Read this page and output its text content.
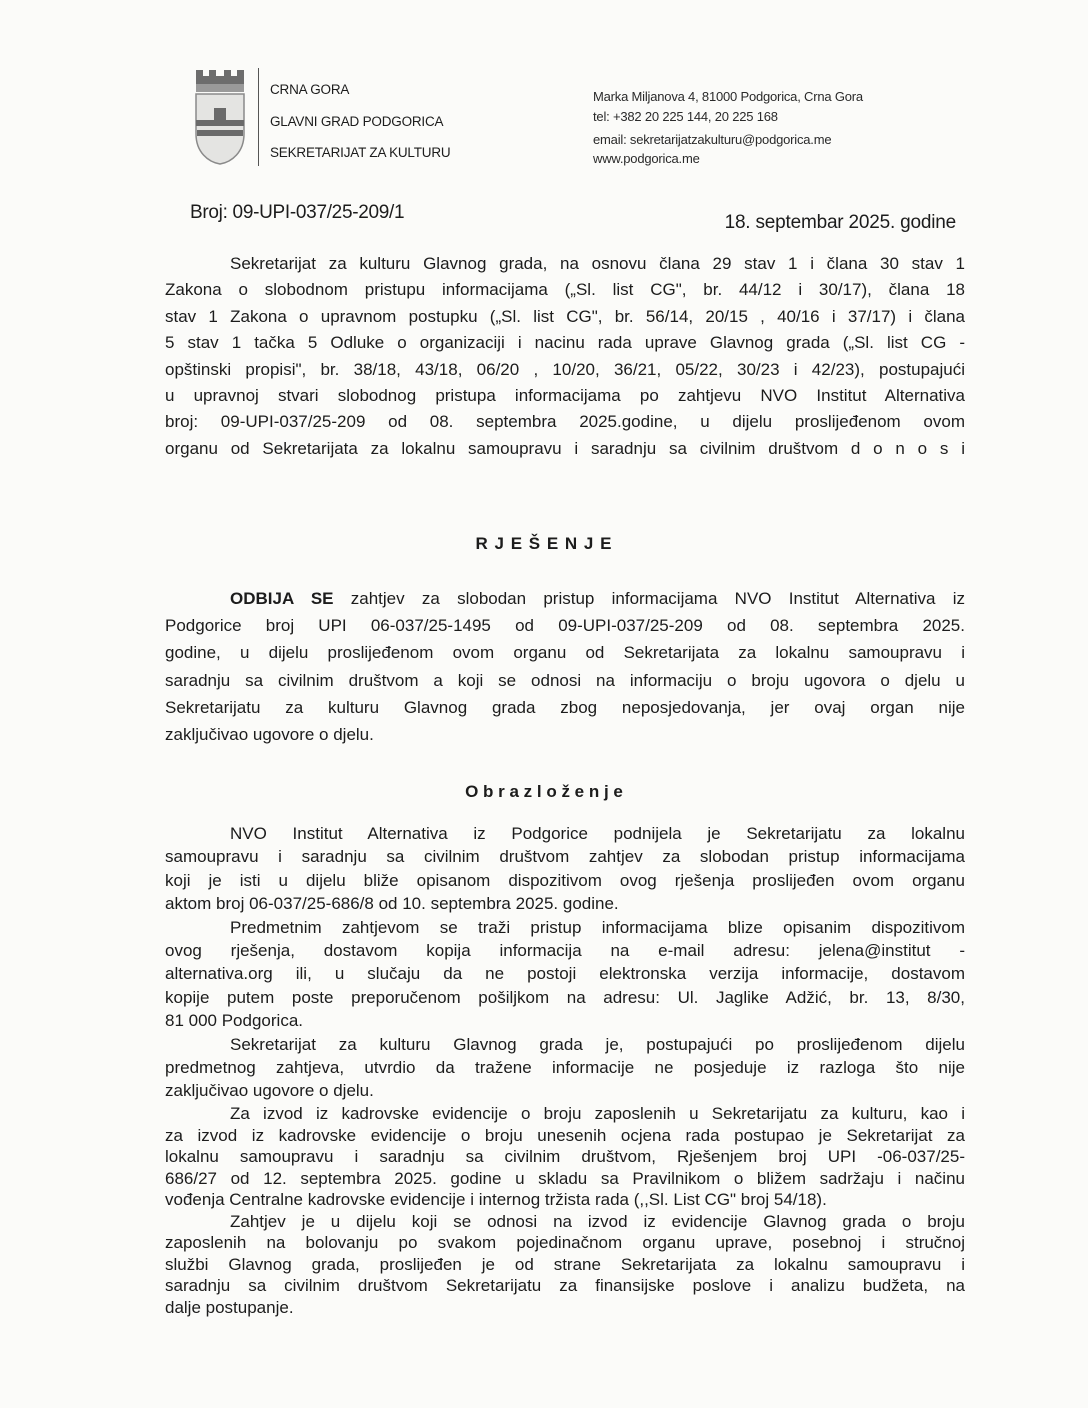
CRNA GORA
GLAVNI GRAD PODGORICA
SEKRETARIJAT ZA KULTURU
Marka Miljanova 4, 81000 Podgorica, Crna Gora
tel: +382 20 225 144, 20 225 168
email: sekretarijatzakulturu@podgorica.me
www.podgorica.me
Broj: 09-UPI-037/25-209/1	18. septembar 2025. godine
Sekretarijat za kulturu Glavnog grada, na osnovu člana 29 stav 1 i člana 30 stav 1
Zakona o slobodnom pristupu informacijama („Sl. list CG", br. 44/12 i 30/17), člana 18
stav 1 Zakona o upravnom postupku („Sl. list CG", br. 56/14, 20/15 , 40/16 i 37/17) i člana
5 stav 1 tačka 5 Odluke o organizaciji i nacinu rada uprave Glavnog grada („Sl. list CG -
opštinski propisi", br. 38/18, 43/18, 06/20 , 10/20, 36/21, 05/22, 30/23 i 42/23), postupajući
u upravnoj stvari slobodnog pristupa informacijama po zahtjevu NVO Institut Alternativa
broj: 09-UPI-037/25-209 od 08. septembra 2025.godine, u dijelu proslijeđenom ovom
organu od Sekretarijata za lokalnu samoupravu i saradnju sa civilnim društvom d o n o s i
R J E Š E N J E
ODBIJA SE zahtjev za slobodan pristup informacijama NVO Institut Alternativa iz
Podgorice broj UPI 06-037/25-1495 od 09-UPI-037/25-209 od 08. septembra 2025.
godine, u dijelu proslijeđenom ovom organu od Sekretarijata za lokalnu samoupravu i
saradnju sa civilnim društvom a koji se odnosi na informaciju o broju ugovora o djelu u
Sekretarijatu za kulturu Glavnog grada zbog neposjedovanja, jer ovaj organ nije
zaključivao ugovore o djelu.
O b r a z l o ž e n j e
NVO Institut Alternativa iz Podgorice podnijela je Sekretarijatu za lokalnu
samoupravu i saradnju sa civilnim društvom zahtjev za slobodan pristup informacijama
koji je isti u dijelu bliže opisanom dispozitivom ovog rješenja proslijeđen ovom organu
aktom broj 06-037/25-686/8 od 10. septembra 2025. godine.
Predmetnim zahtjevom se traži pristup informacijama blize opisanim dispozitivom
ovog rješenja, dostavom kopija informacija na e-mail adresu: jelena@institut -
alternativa.org ili, u slučaju da ne postoji elektronska verzija informacije, dostavom
kopije putem poste preporučenom pošiljkom na adresu: Ul. Jaglike Adžić, br. 13, 8/30,
81 000 Podgorica.
Sekretarijat za kulturu Glavnog grada je, postupajući po proslijeđenom dijelu
predmetnog zahtjeva, utvrdio da tražene informacije ne posjeduje iz razloga što nije
zaključivao ugovore o djelu.
Za izvod iz kadrovske evidencije o broju zaposlenih u Sekretarijatu za kulturu, kao i
za izvod iz kadrovske evidencije o broju unesenih ocjena rada postupao je Sekretarijat za
lokalnu samoupravu i saradnju sa civilnim društvom, Rješenjem broj UPI -06-037/25-
686/27 od 12. septembra 2025. godine u skladu sa Pravilnikom o bližem sadržaju i načinu
vođenja Centralne kadrovske evidencije i internog tržista rada (,,Sl. List CG" broj 54/18).
Zahtjev je u dijelu koji se odnosi na izvod iz evidencije Glavnog grada o broju
zaposlenih na bolovanju po svakom pojedinačnom organu uprave, posebnoj i stručnoj
službi Glavnog grada, proslijeđen je od strane Sekretarijata za lokalnu samoupravu i
saradnju sa civilnim društvom Sekretarijatu za finansijske poslove i analizu budžeta, na
dalje postupanje.
